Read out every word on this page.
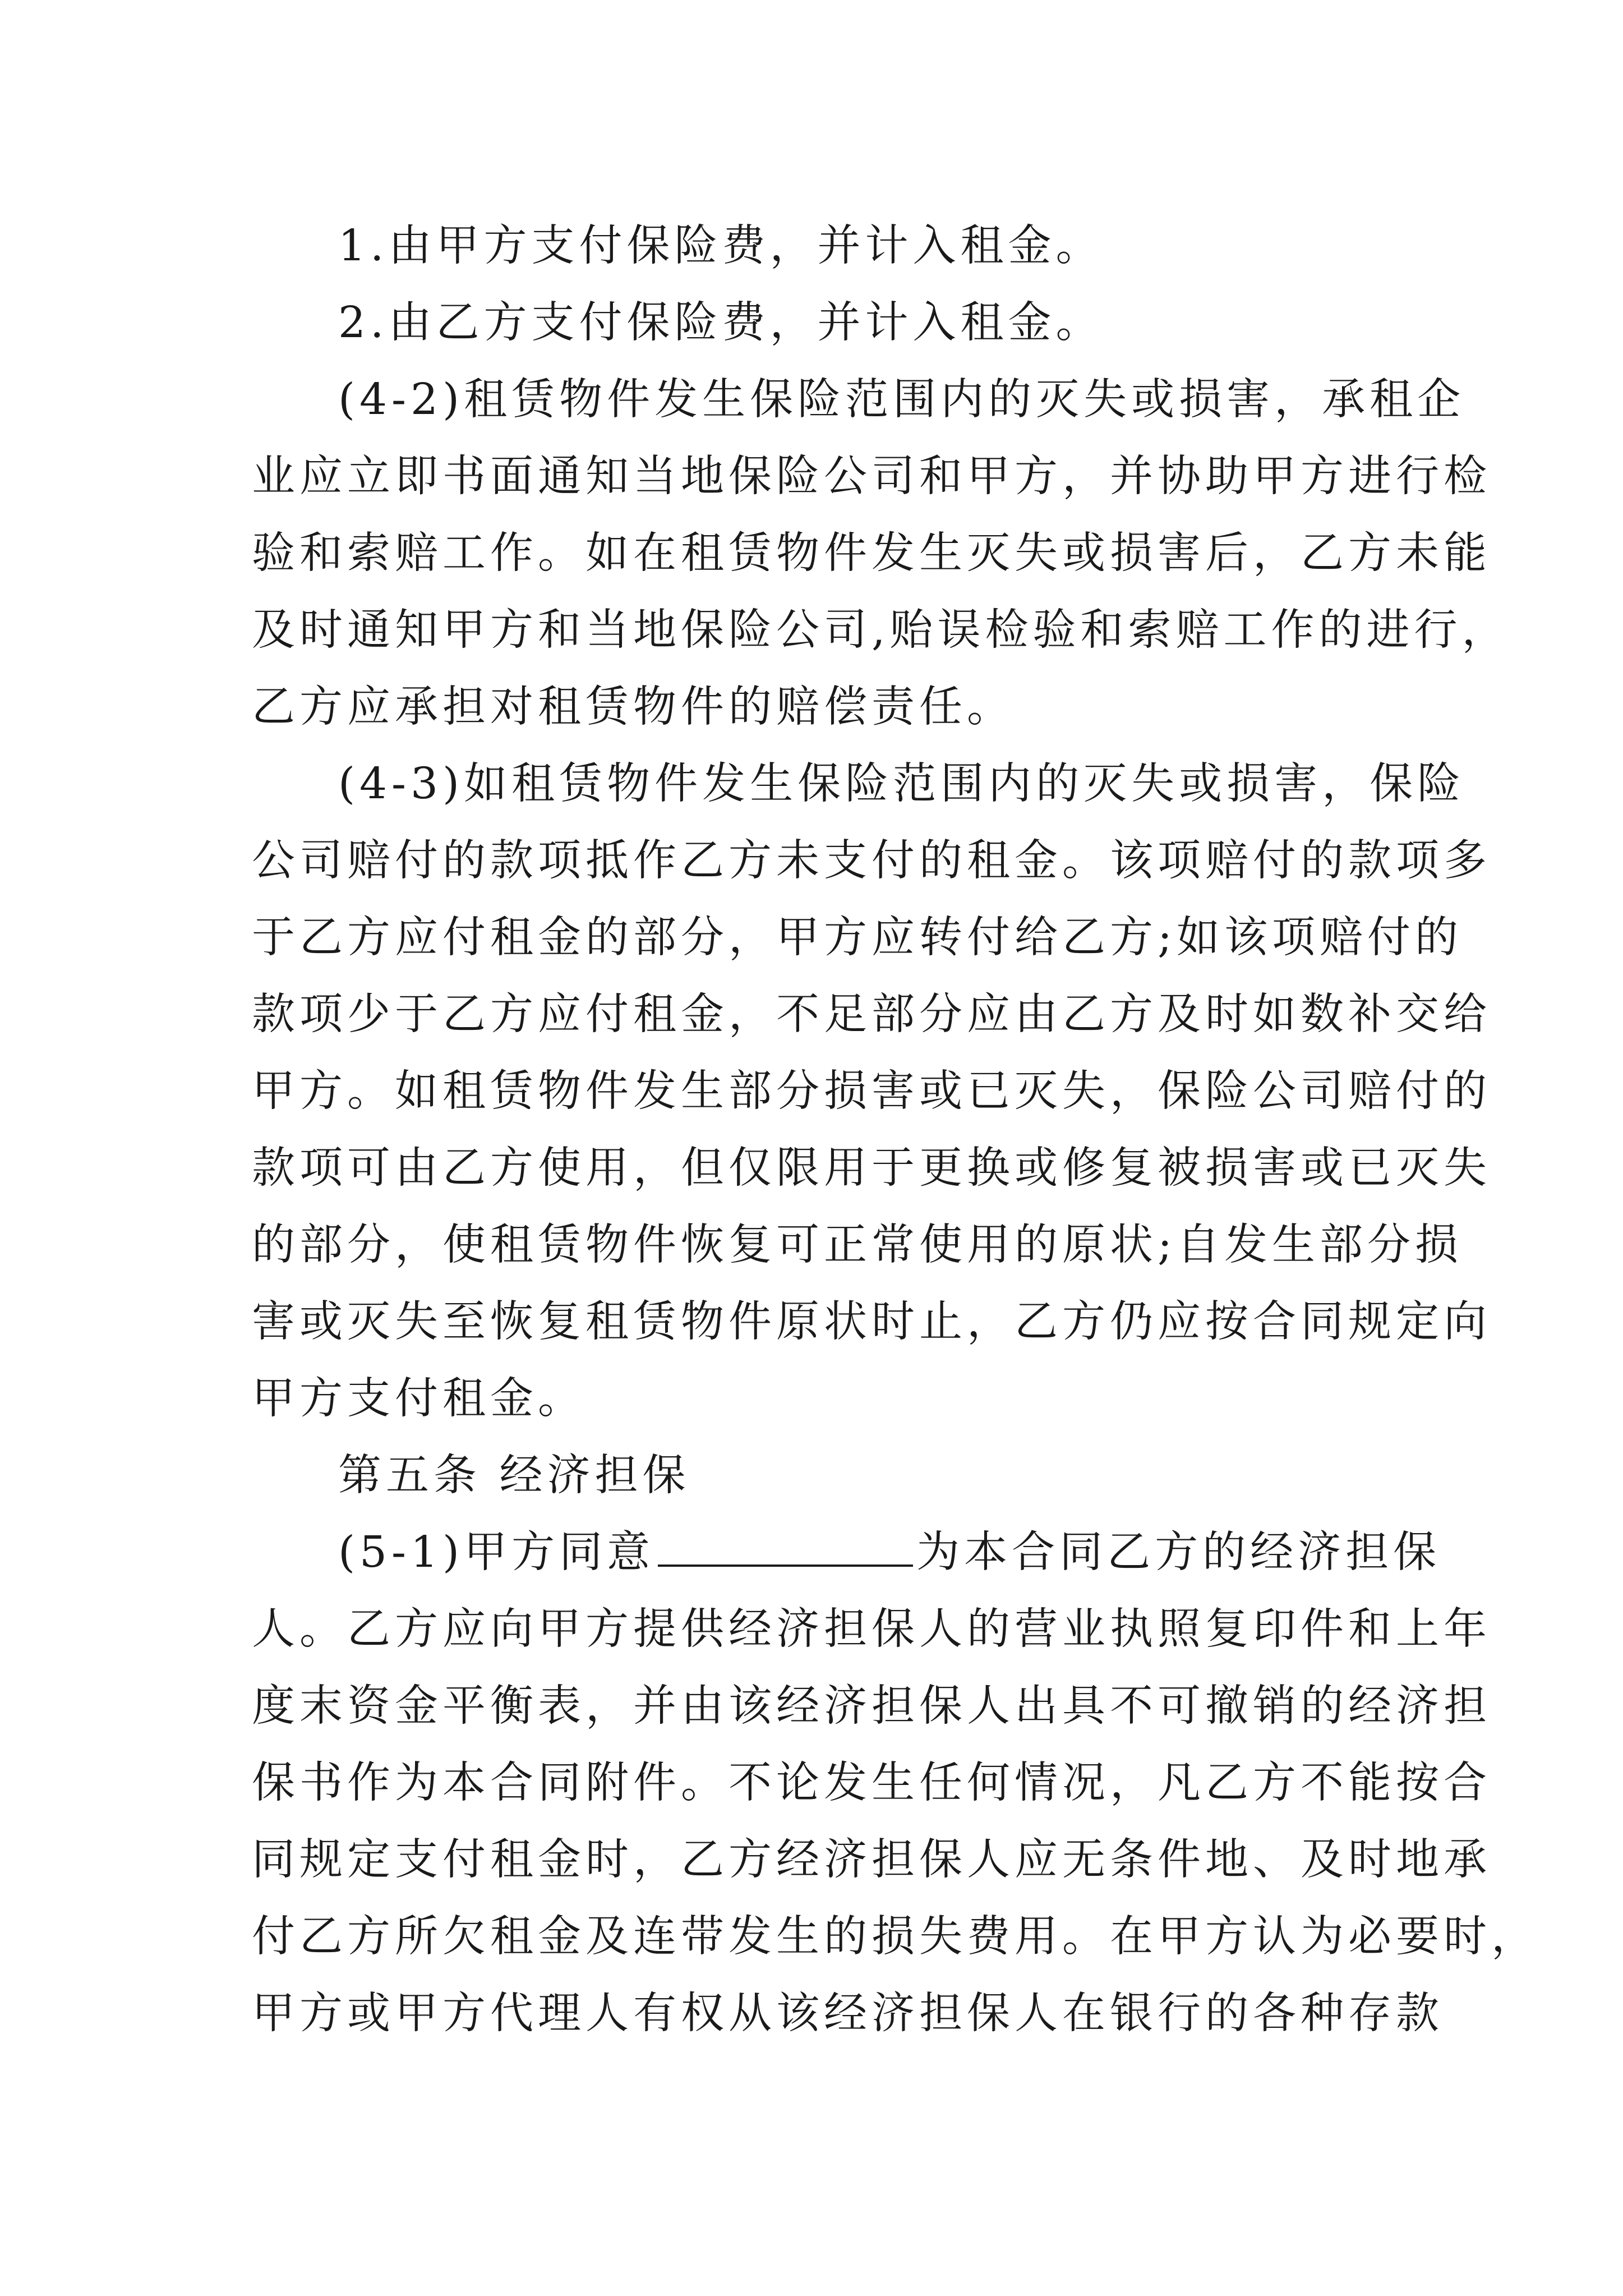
1.由甲方支付保险费，并计入租金。
2.由乙方支付保险费，并计入租金。
(4-2)租赁物件发生保险范围内的灭失或损害，承租企
业应立即书面通知当地保险公司和甲方，并协助甲方进行检
验和索赔工作。如在租赁物件发生灭失或损害后，乙方未能
及时通知甲方和当地保险公司,贻误检验和索赔工作的进行，
乙方应承担对租赁物件的赔偿责任。
(4-3)如租赁物件发生保险范围内的灭失或损害，保险
公司赔付的款项抵作乙方未支付的租金。该项赔付的款项多
于乙方应付租金的部分，甲方应转付给乙方;如该项赔付的
款项少于乙方应付租金，不足部分应由乙方及时如数补交给
甲方。如租赁物件发生部分损害或已灭失，保险公司赔付的
款项可由乙方使用，但仅限用于更换或修复被损害或已灭失
的部分，使租赁物件恢复可正常使用的原状;自发生部分损
害或灭失至恢复租赁物件原状时止，乙方仍应按合同规定向
甲方支付租金。
第五条 经济担保
(5-1)甲方同意	为本合同乙方的经济担保
人。乙方应向甲方提供经济担保人的营业执照复印件和上年
度末资金平衡表，并由该经济担保人出具不可撤销的经济担
保书作为本合同附件。不论发生任何情况，凡乙方不能按合
同规定支付租金时，乙方经济担保人应无条件地、及时地承
付乙方所欠租金及连带发生的损失费用。在甲方认为必要时，
甲方或甲方代理人有权从该经济担保人在银行的各种存款
